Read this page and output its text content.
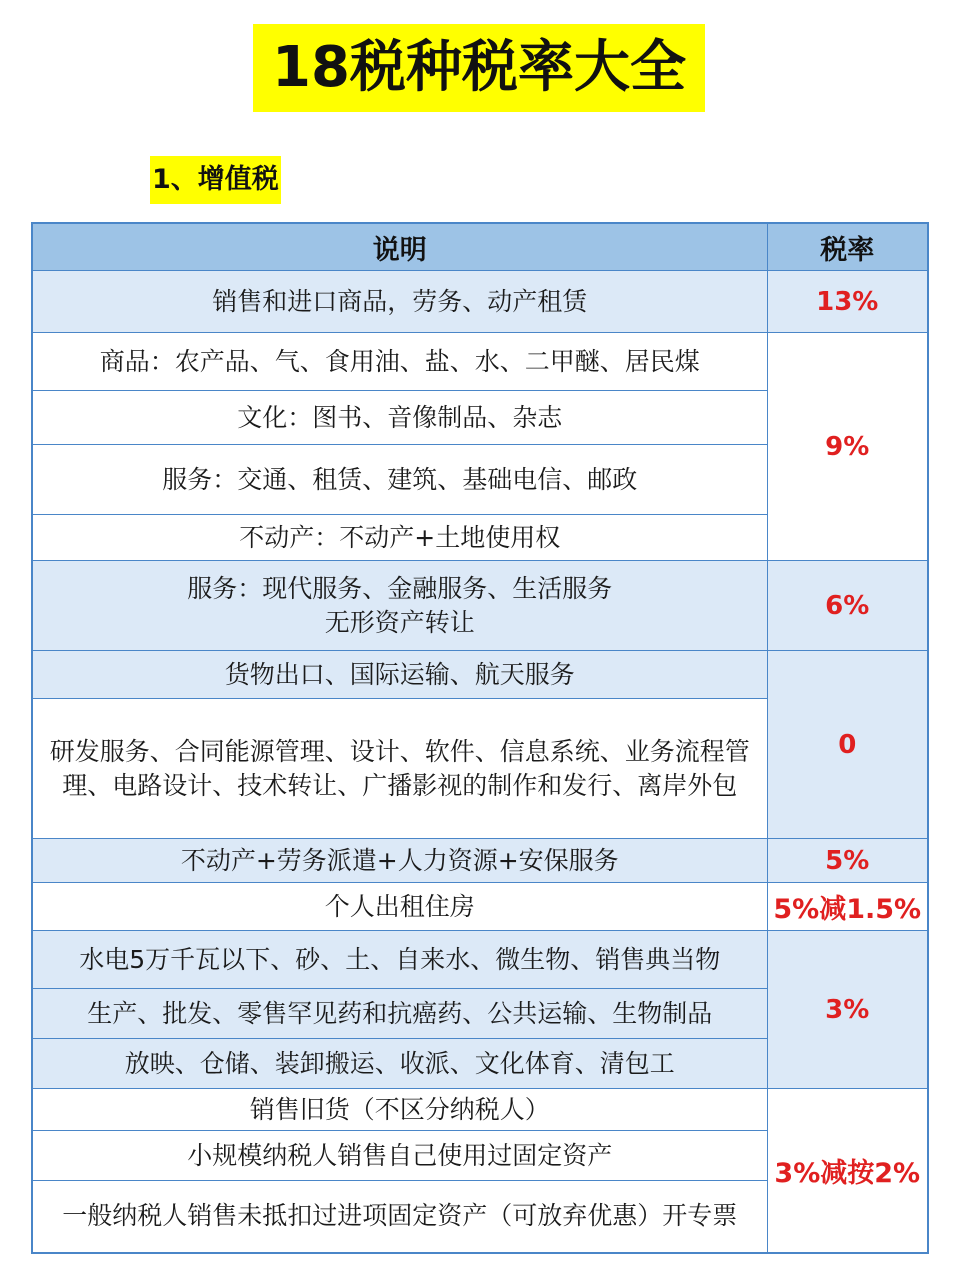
18税种税率大全
1、增值税
说明	税率
销售和进口商品，劳务、动产租赁	13%
商品：农产品、气、食用油、盐、水、二甲醚、居民煤	9%
文化：图书、音像制品、杂志	
服务：交通、租赁、建筑、基础电信、邮政	
不动产：不动产+土地使用权	
服务：现代服务、金融服务、生活服务
无形资产转让	6%
货物出口、国际运输、航天服务	0
研发服务、合同能源管理、设计、软件、信息系统、业务流程管理、电路设计、技术转让、广播影视的制作和发行、离岸外包	
不动产+劳务派遣+人力资源+安保服务	5%
个人出租住房	5%减1.5%
水电5万千瓦以下、砂、土、自来水、微生物、销售典当物	3%
生产、批发、零售罕见药和抗癌药、公共运输、生物制品	
放映、仓储、装卸搬运、收派、文化体育、清包工	
销售旧货（不区分纳税人）	3%减按2%
小规模纳税人销售自己使用过固定资产	
一般纳税人销售未抵扣过进项固定资产（可放弃优惠）开专票	
